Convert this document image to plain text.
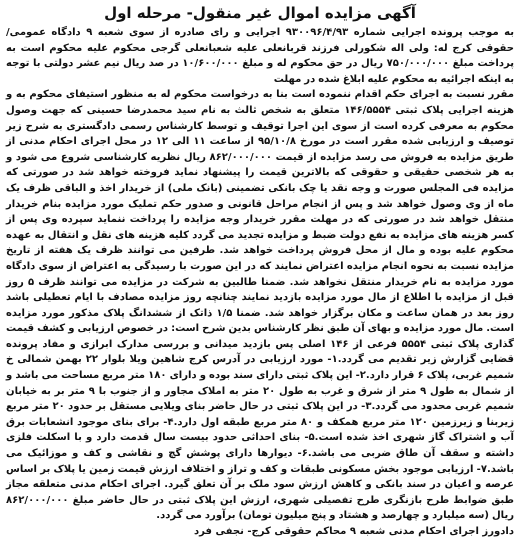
آگهی مزایده اموال غیر منقول- مرحله اول

به موجب پرونده اجرایی شماره ۹۳۰۰۹۶/۴/۹۳ اجرایی و رای صادره از سوی شعبه ۹ دادگاه عمومی/حقوقی کرج له: ولی اله شکورلی فرزند قربانعلی علیه شعبانعلی گرجی محکوم علیه محکوم است به پرداخت مبلغ ۷۵۰/۰۰۰/۰۰۰ ریال در حق محکوم له و مبلغ ۱۰/۶۰۰/۰۰۰ در صد ریال نیم عشر دولتی با توجه به اینکه اجرائیه به محکوم علیه ابلاغ شده در مهلت

مقرر نسبت به اجرای حکم اقدام ننموده است بنا به درخواست محکوم له به منظور استیفای محکوم به و هزینه اجرایی پلاک ثبتی ۱۴۶/۵۵۵۴ متعلق به شخص ثالث به نام سید محمدرضا حسینی که جهت وصول محکوم به معرفی کرده است از سوی این اجرا توقیف و توسط کارشناس رسمی دادگستری به شرح زیر توصیف و ارزیابی شده مقرر است در مورخ ۹۵/۱۰/۸ از ساعت ۱۱ الی ۱۲ در محل اجرای احکام مدنی از طریق مزایده به فروش می رسد مزایده از قیمت ۸۶۲/۰۰۰/۰۰۰ ریال نظریه کارشناسی شروع می شود و به هر شخصی حقیقی و حقوقی که بالاترین قیمت را پیشنهاد نماید فروخته خواهد شد در صورتی که مزایده فی المجلس صورت و وجه نقد یا چک بانکی تضمینی (بانک ملی) از خریدار اخذ و الباقی ظرف یک ماه از وی وصول خواهد شد و پس از انجام مراحل قانونی و صدور حکم تملیک مورد مزایده بنام خریدار منتقل خواهد شد در صورتی که در مهلت مقرر خریدار وجه مزایده را پرداخت ننماید سپرده وی پس از کسر هزینه های مزایده به نفع دولت ضبط و مزایده تجدید می گردد کلیه هزینه های نقل و انتقال به عهده محکوم علیه بوده و مال از محل فروش پرداخت خواهد شد. طرفین می توانند ظرف یک هفته از تاریخ مزایده نسبت به نحوه انجام مزایده اعتراض نمایند که در این صورت با رسیدگی به اعتراض از سوی دادگاه مورد مزایده به نام خریدار منتقل نخواهد شد. ضمنا طالبین به شرکت در مزایده می توانند ظرف ۵ روز قبل از مزایده با اطلاع از مال مورد مزایده بازدید نمایند چنانچه روز مزایده مصادف با ایام تعطیلی باشد روز بعد در همان ساعت و مکان برگزار خواهد شد. ضمنا ۱/۵ ذاتک از ششدانگ پلاک مذکور مورد مزایده است. مال مورد مزایده و بهای آن طبق نظر کارشناس بدین شرح است: در خصوص ارزیابی و کشف قیمت گذاری پلاک ثبتی ۵۵۵۴ فرعی از ۱۴۶ اصلی پس بازدید میدانی و بررسی مدارک ابرازی و مفاد پرونده قضایی گزارش زیر تقدیم می گردد.۱- مورد ارزیابی در آدرس کرج شاهین ویلا بلوار ۲۲ بهمن شمالی خ شمیم غربی، پلاک ۶ قرار دارد.۲- این پلاک ثبتی دارای سند بوده و دارای ۱۸۰ متر مربع مساحت می باشد و از شمال به طول ۹ متر از شرق و غرب به طول ۲۰ متر به املاک مجاور و از جنوب با ۹ متر بر به خیابان شمیم غربی محدود می گردد.۳- در این پلاک ثبتی در حال حاضر بنای ویلایی مستقل بر حدود ۲۰ متر مربع زیربنا و زیرزمین ۱۲۰ متر مربع همکف و ۸۰ متر مربع طبقه اول دارد.۴- برای بنای موجود انشعابات برق آب و اشتراک گاز شهری اخذ شده است.۵- بنای احداثی حدود بیست سال قدمت دارد و با اسکلت فلزی داشته و سقف آن طاق ضربی می باشد.۶- دیوارها دارای پوشش گچ و نقاشی و کف و موزائیک می باشد.۷- ارزیابی موجود بخش مسکونی طبقات و کف و تراز و اختلاف ارزش قیمت زمین یا پلاک بر اساس عرصه و اعیان در سند بانکی و کاهش ارزش سود ملک بر آن تعلق گیرد. اجرای احکام مدنی متعلقه مجاز طبق ضوابط طرح بازنگری طرح تفصیلی شهری، ارزش این پلاک ثبتی در حال حاضر مبلغ ۸۶۲/۰۰۰/۰۰۰ ریال (سه میلیارد و چهارصد و هشتاد و پنج میلیون تومان) برآورد می گردد.

دادورز اجرای احکام مدنی شعبه ۹ محاکم حقوقی کرج- نجفی فرد
